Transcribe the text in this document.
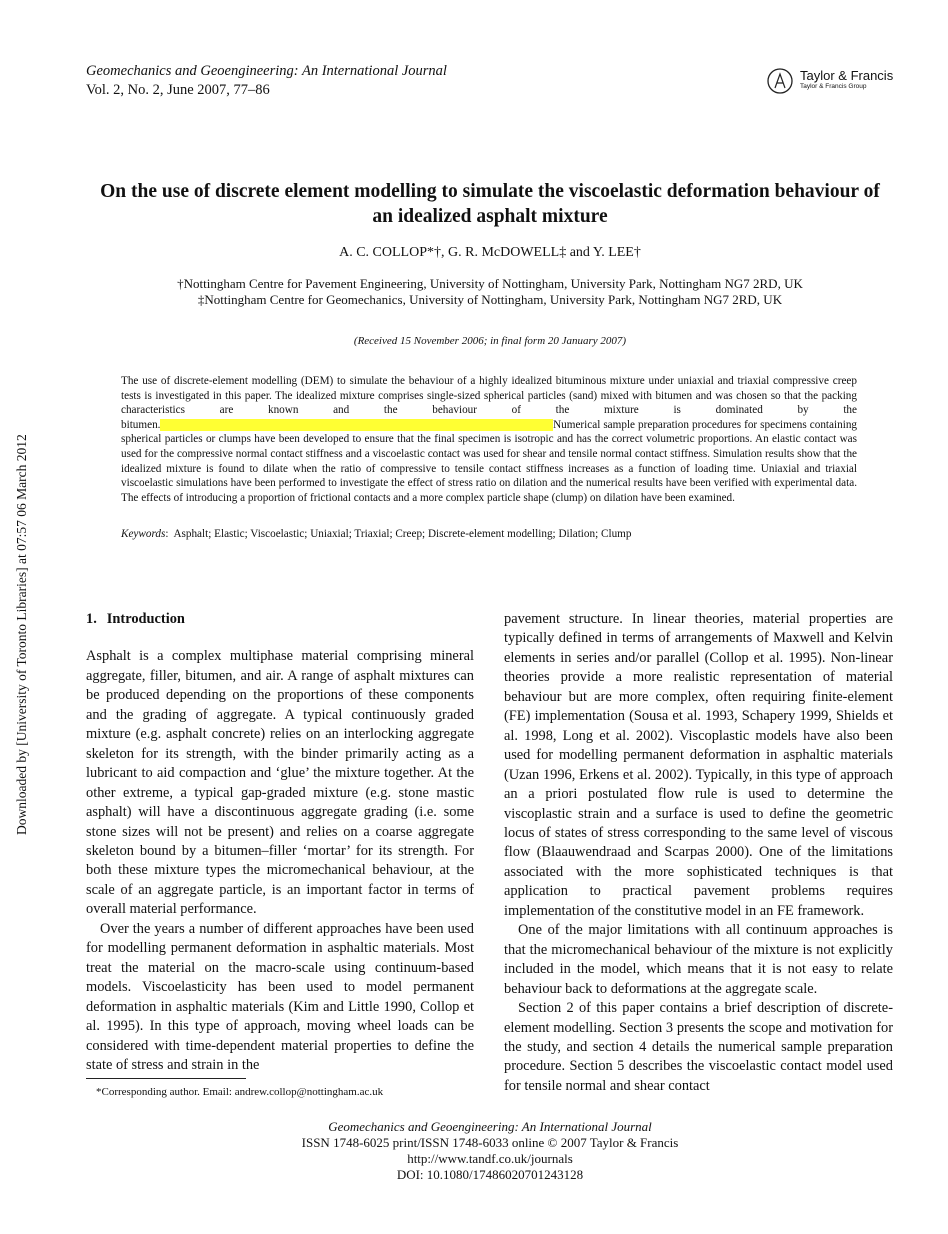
Geomechanics and Geoengineering: An International Journal
Vol. 2, No. 2, June 2007, 77–86
Taylor & Francis
Taylor & Francis Group
Downloaded by [University of Toronto Libraries] at 07:57 06 March 2012
On the use of discrete element modelling to simulate the viscoelastic deformation behaviour of an idealized asphalt mixture
A. C. COLLOP*†, G. R. McDOWELL‡ and Y. LEE†
†Nottingham Centre for Pavement Engineering, University of Nottingham, University Park, Nottingham NG7 2RD, UK
‡Nottingham Centre for Geomechanics, University of Nottingham, University Park, Nottingham NG7 2RD, UK
(Received 15 November 2006; in final form 20 January 2007)

The use of discrete-element modelling (DEM) to simulate the behaviour of a highly idealized bituminous mixture under uniaxial and triaxial compressive creep tests is investigated in this paper. The idealized mixture comprises single-sized spherical particles (sand) mixed with bitumen and was chosen so that the packing characteristics are known and the behaviour of the mixture is dominated by the bitumen.	Numerical sample preparation procedures for specimens containing spherical particles or clumps have been developed to ensure that the final specimen is isotropic and has the correct volumetric proportions. An elastic contact was used for the compressive normal contact stiffness and a viscoelastic contact was used for shear and tensile normal contact stiffness. Simulation results show that the idealized mixture is found to dilate when the ratio of compressive to tensile contact stiffness increases as a function of loading time. Uniaxial and triaxial viscoelastic simulations have been performed to investigate the effect of stress ratio on dilation and the numerical results have been verified with experimental data. The effects of introducing a proportion of frictional contacts and a more complex particle shape (clump) on dilation have been examined.

Keywords:  Asphalt; Elastic; Viscoelastic; Uniaxial; Triaxial; Creep; Discrete-element modelling; Dilation; Clump

1. Introduction

Asphalt is a complex multiphase material comprising mineral aggregate, filler, bitumen, and air. A range of asphalt mixtures can be produced depending on the proportions of these components and the grading of aggregate. A typical continuously graded mixture (e.g. asphalt concrete) relies on an interlocking aggregate skeleton for its strength, with the binder primarily acting as a lubricant to aid compaction and ‘glue’ the mixture together. At the other extreme, a typical gap-graded mixture (e.g. stone mastic asphalt) will have a discontinuous aggregate grading (i.e. some stone sizes will not be present) and relies on a coarse aggregate skeleton bound by a bitumen–filler ‘mortar’ for its strength. For both these mixture types the micromechanical behaviour, at the scale of an aggregate particle, is an important factor in terms of overall material performance.

Over the years a number of different approaches have been used for modelling permanent deformation in asphaltic materials. Most treat the material on the macro-scale using continuum-based models. Viscoelasticity has been used to model permanent deformation in asphaltic materials (Kim and Little 1990, Collop et al. 1995). In this type of approach, moving wheel loads can be considered with time-dependent material properties to define the state of stress and strain in the

pavement structure. In linear theories, material properties are typically defined in terms of arrangements of Maxwell and Kelvin elements in series and/or parallel (Collop et al. 1995). Non-linear theories provide a more realistic representation of material behaviour but are more complex, often requiring finite-element (FE) implementation (Sousa et al. 1993, Schapery 1999, Shields et al. 1998, Long et al. 2002). Viscoplastic models have also been used for modelling permanent deformation in asphaltic materials (Uzan 1996, Erkens et al. 2002). Typically, in this type of approach an a priori postulated flow rule is used to determine the viscoplastic strain and a surface is used to define the geometric locus of states of stress corresponding to the same level of viscous flow (Blaauwendraad and Scarpas 2000). One of the limitations associated with the more sophisticated techniques is that application to practical pavement problems requires implementation of the constitutive model in an FE framework.

One of the major limitations with all continuum approaches is that the micromechanical behaviour of the mixture is not explicitly included in the model, which means that it is not easy to relate behaviour back to deformations at the aggregate scale.

Section 2 of this paper contains a brief description of discrete-element modelling. Section 3 presents the scope and motivation for the study, and section 4 details the numerical sample preparation procedure. Section 5 describes the viscoelastic contact model used for tensile normal and shear contact

*Corresponding author. Email: andrew.collop@nottingham.ac.uk
Geomechanics and Geoengineering: An International Journal
ISSN 1748-6025 print/ISSN 1748-6033 online © 2007 Taylor & Francis
http://www.tandf.co.uk/journals
DOI: 10.1080/17486020701243128
